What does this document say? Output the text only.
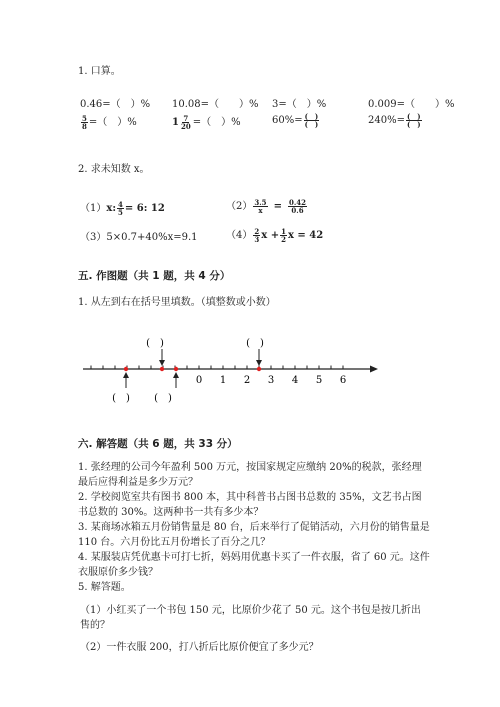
1. 口算。
0.46=（　）% 10.08=（　　）% 3=（　）%	0.009=（　　）%
$\frac{5}{8}$ =（　）%	$1 \frac{7}{20}$ =（　）%	$60\%= \frac{( )}{( )}$	$240\%= \frac{( )}{( )}$
2. 求未知数 x。
（1）x: $\frac{4}{5} = 6$: 12	$(2) \frac{3.5}{x} = \frac{0.42}{0.6}$
（3）5×0.7+40%x=9.1	$(4) \frac{2}{3}$ $x + \frac{1}{2}$ x = 42
五. 作图题（共 1 题，共 4 分）
1. 从左到右在括号里填数。（填整数或小数）
0 1 2 3 4 5 6
(　)	(　)
(　) (　)
六. 解答题（共 6 题，共 33 分）
1. 张经理的公司今年盈利 500 万元，按国家规定应缴纳 20%的税款，张经理最后应得利益是多少万元？
2. 学校阅览室共有图书 800 本，其中科普书占图书总数的 35%，文艺书占图书总数的 30%。这两种书一共有多少本？
3. 某商场冰箱五月份销售量是 80 台，后来举行了促销活动，六月份的销售量是 110 台。六月份比五月份增长了百分之几？
4. 某服装店凭优惠卡可打七折，妈妈用优惠卡买了一件衣服，省了 60 元。这件衣服原价多少钱？
5. 解答题。
（1）小红买了一个书包 150 元，比原价少花了 50 元。这个书包是按几折出售的？
（2）一件衣服 200，打八折后比原价便宜了多少元？
